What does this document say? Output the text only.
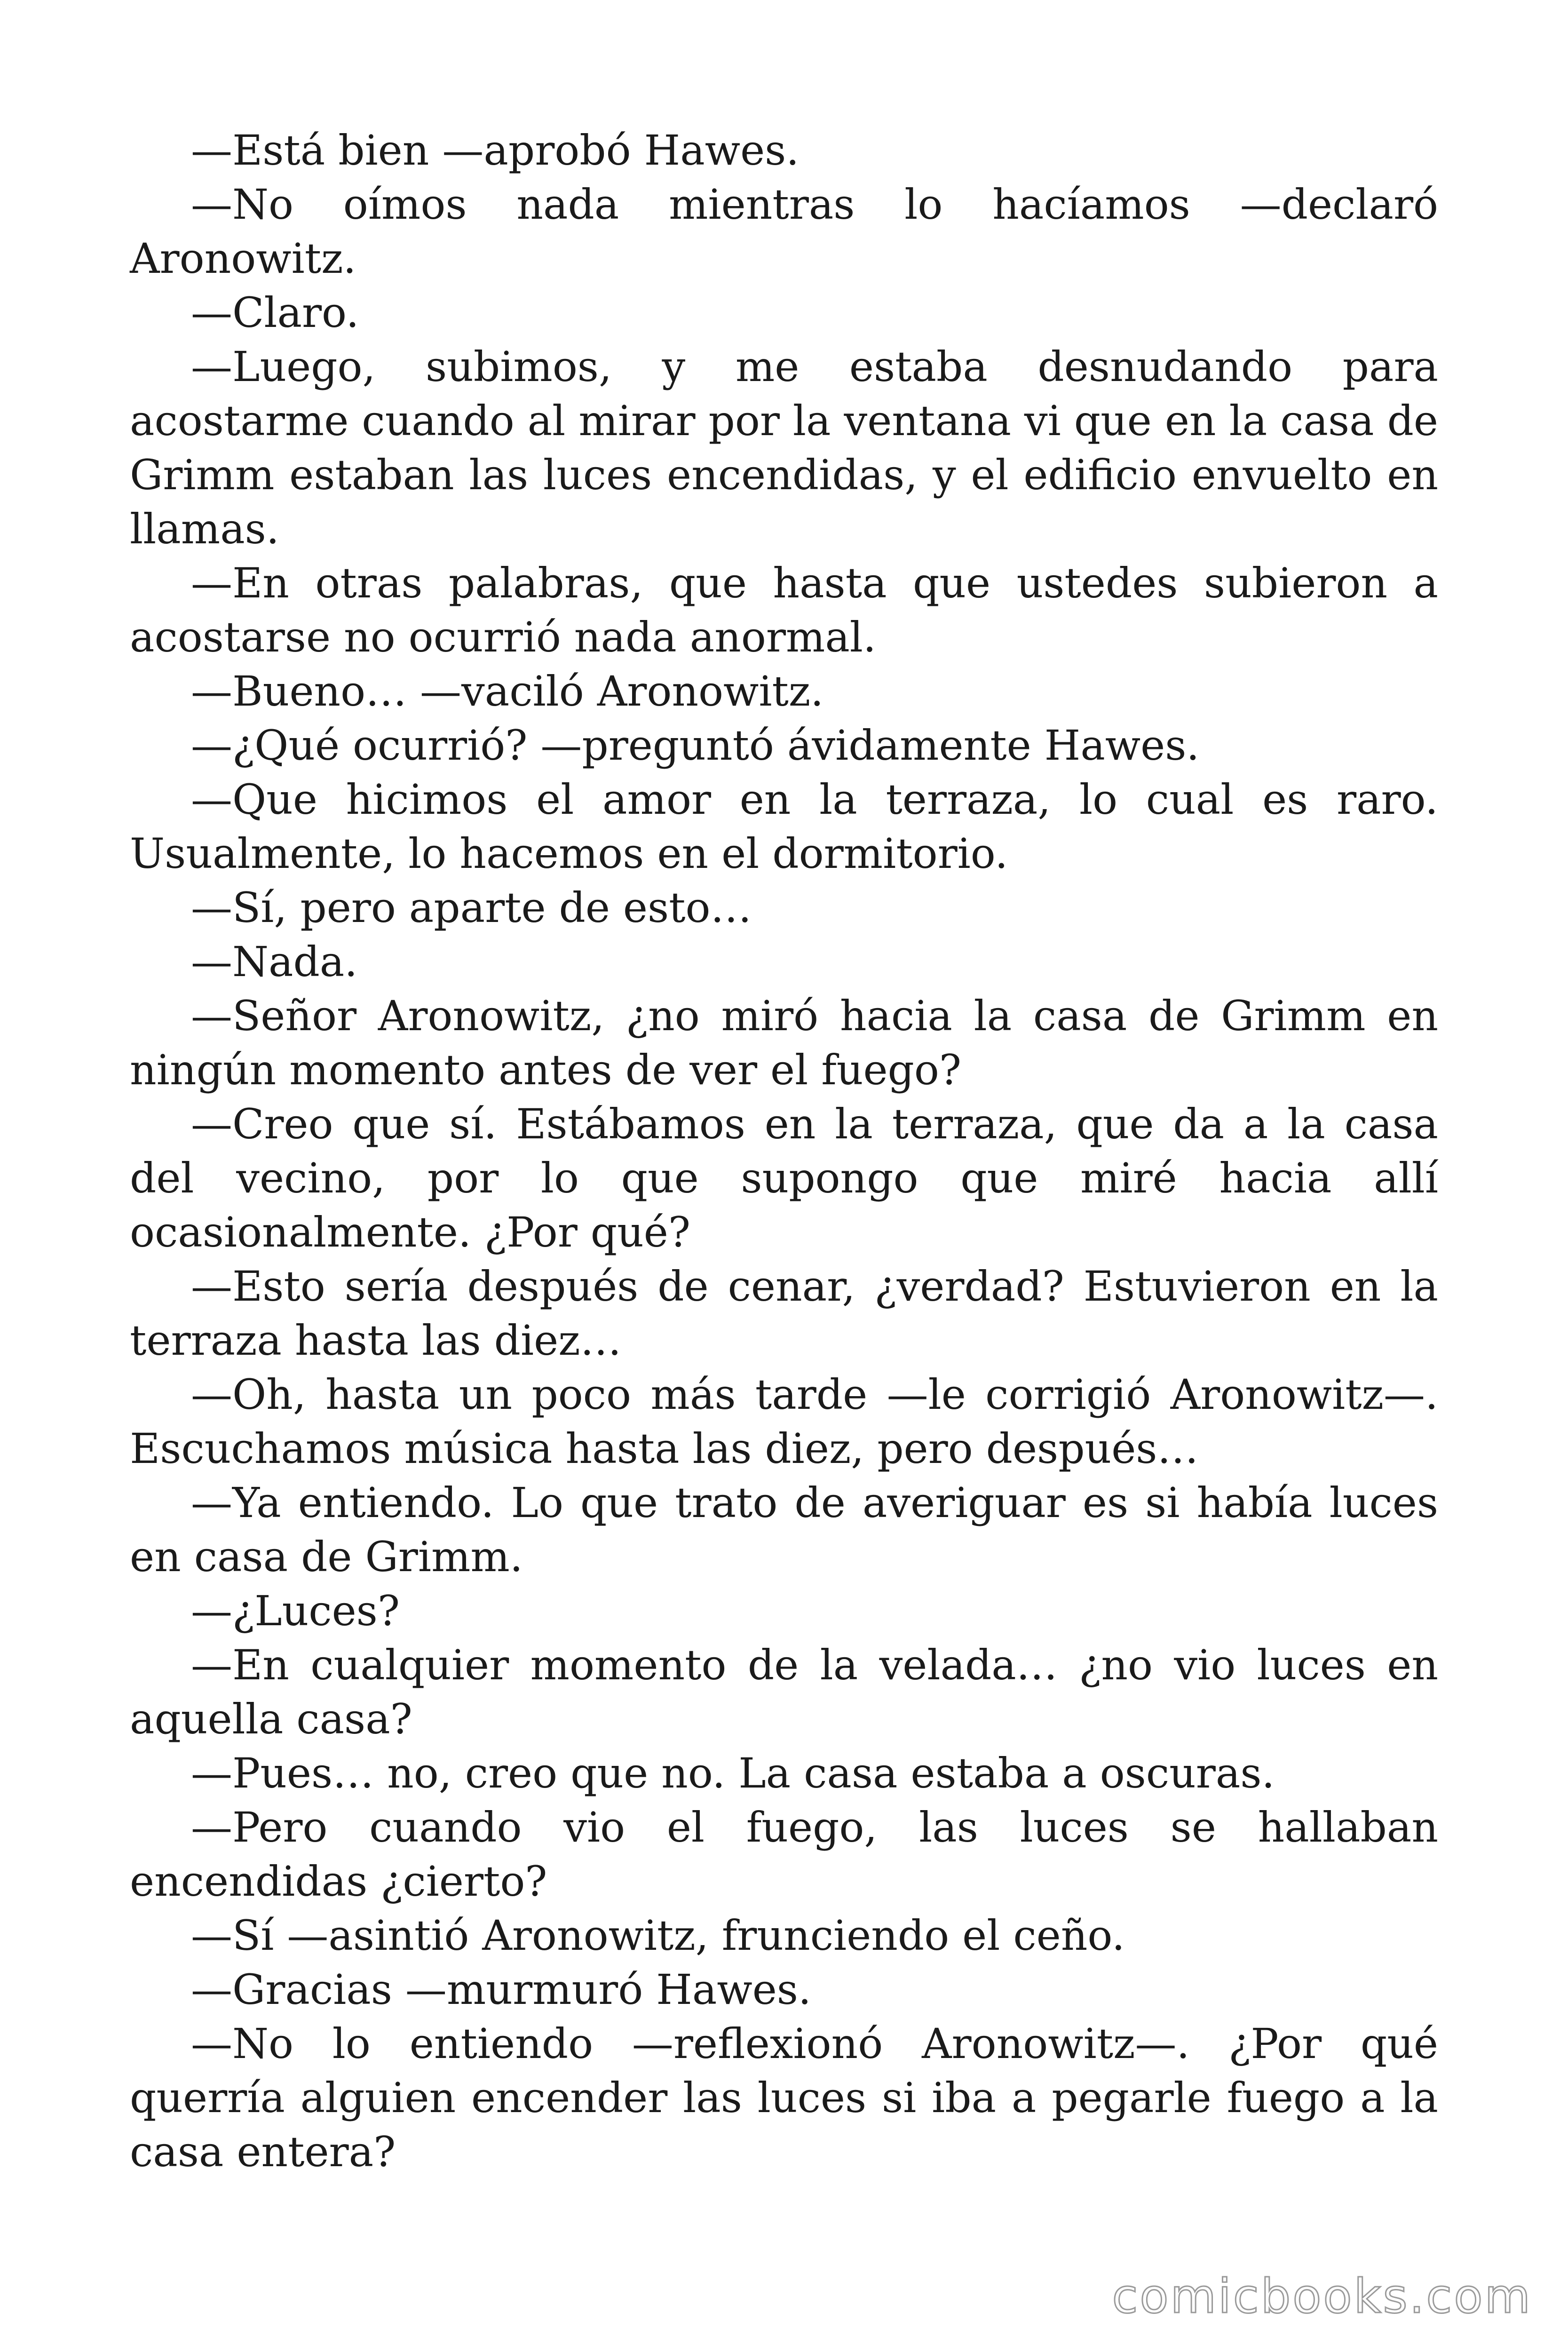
—Está bien —aprobó Hawes.

—No oímos nada mientras lo hacíamos —declaró Aronowitz.

—Claro.

—Luego, subimos, y me estaba desnudando para acostarme cuando al mirar por la ventana vi que en la casa de Grimm estaban las luces encendidas, y el edificio envuelto en llamas.

—En otras palabras, que hasta que ustedes subieron a acostarse no ocurrió nada anormal.

—Bueno… —vaciló Aronowitz.

—¿Qué ocurrió? —preguntó ávidamente Hawes.

—Que hicimos el amor en la terraza, lo cual es raro. Usualmente, lo hacemos en el dormitorio.

—Sí, pero aparte de esto…

—Nada.

—Señor Aronowitz, ¿no miró hacia la casa de Grimm en ningún momento antes de ver el fuego?

—Creo que sí. Estábamos en la terraza, que da a la casa del vecino, por lo que supongo que miré hacia allí ocasionalmente. ¿Por qué?

—Esto sería después de cenar, ¿verdad? Estuvieron en la terraza hasta las diez…

—Oh, hasta un poco más tarde —le corrigió Aronowitz—. Escuchamos música hasta las diez, pero después…

—Ya entiendo. Lo que trato de averiguar es si había luces en casa de Grimm.

—¿Luces?

—En cualquier momento de la velada… ¿no vio luces en aquella casa?

—Pues… no, creo que no. La casa estaba a oscuras.

—Pero cuando vio el fuego, las luces se hallaban encendidas ¿cierto?

—Sí —asintió Aronowitz, frunciendo el ceño.

—Gracias —murmuró Hawes.

—No lo entiendo —reflexionó Aronowitz—. ¿Por qué querría alguien encender las luces si iba a pegarle fuego a la casa entera?

comicbooks.com
